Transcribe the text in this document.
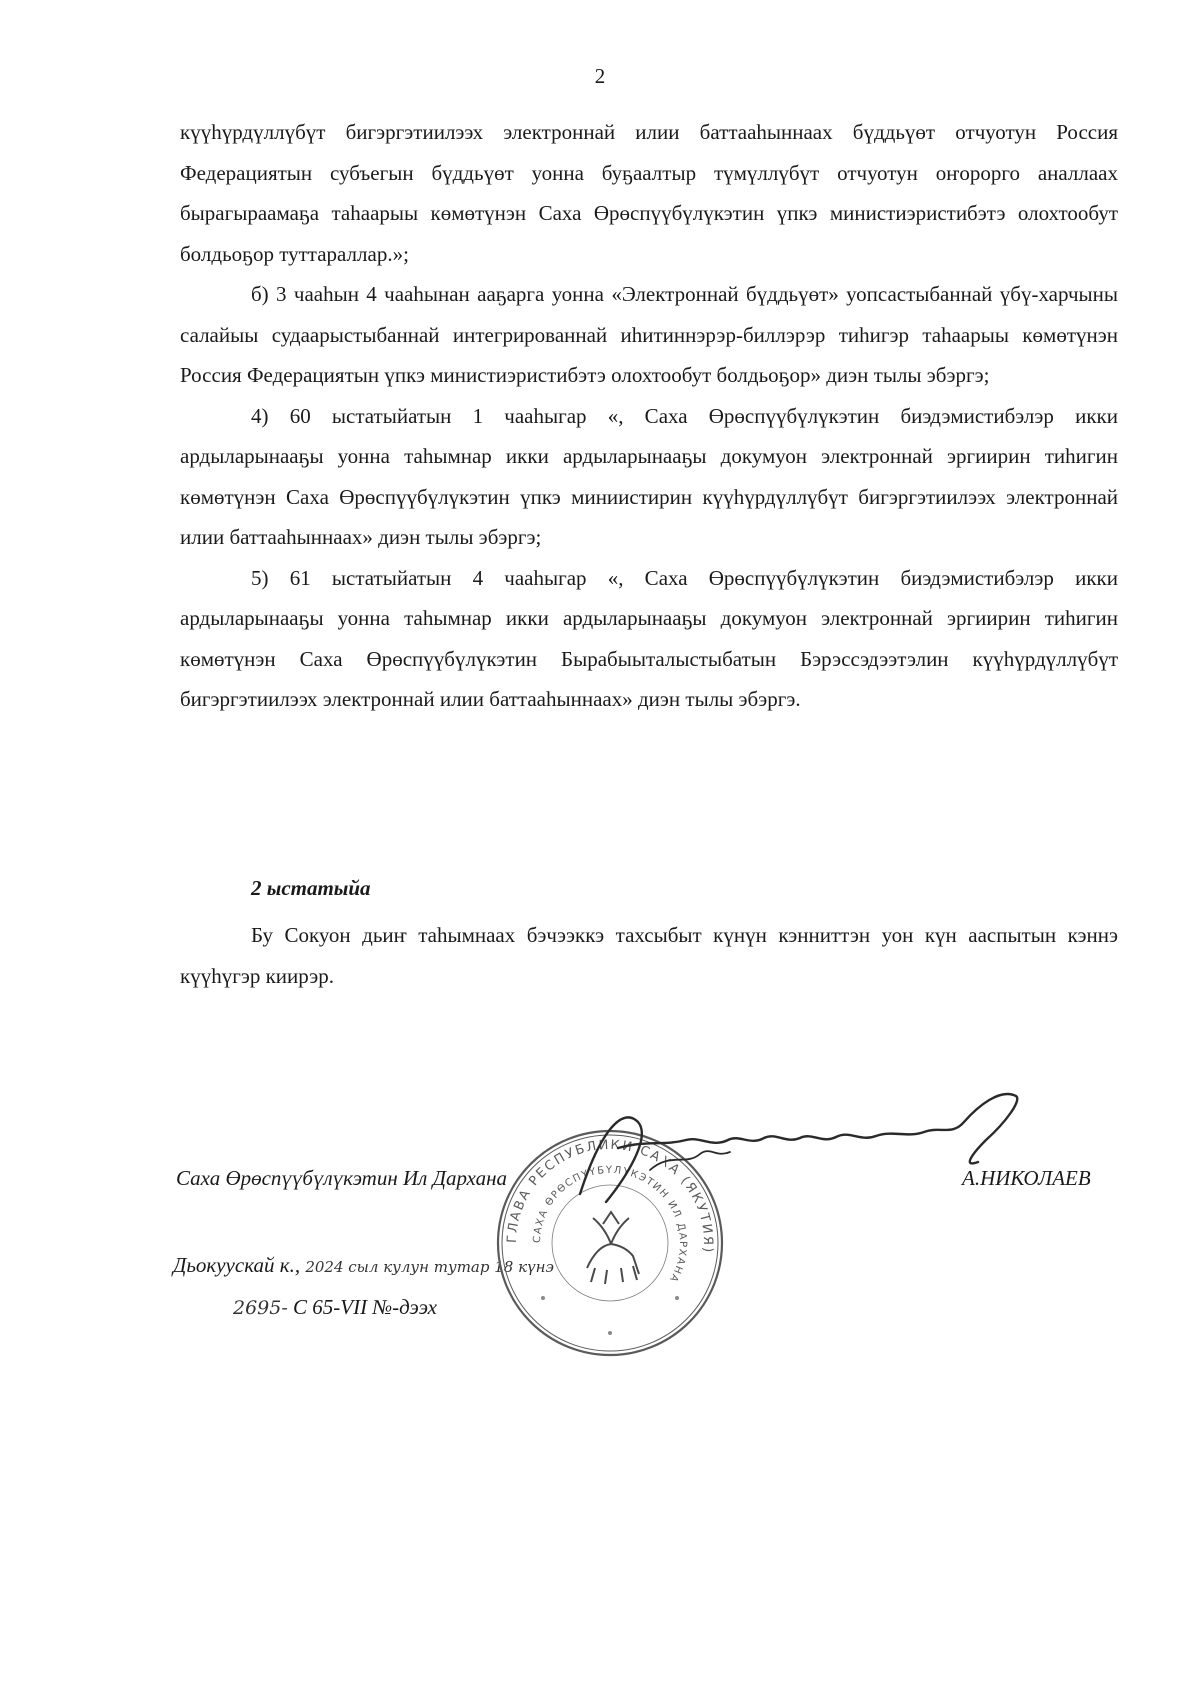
2

күүһүрдүллүбүт бигэргэтиилээх электроннай илии баттааһыннаах бүддьүөт отчуотун Россия Федерациятын субъегын бүддьүөт уонна буҕаалтыр түмүллүбүт отчуотун оҥорорго аналлаах бырагыраамаҕа таһаарыы көмөтүнэн Саха Өрөспүүбүлүкэтин үпкэ министиэристибэтэ олохтообут болдьоҕор туттараллар.»;

б) 3 чааһын 4 чааһынан ааҕарга уонна «Электроннай бүддьүөт» уопсастыбаннай үбү-харчыны салайыы судаарыстыбаннай интегрированнай иһитиннэрэр-биллэрэр тиһигэр таһаарыы көмөтүнэн Россия Федерациятын үпкэ министиэристибэтэ олохтообут болдьоҕор» диэн тылы эбэргэ;

4) 60 ыстатыйатын 1 чааһыгар «, Саха Өрөспүүбүлүкэтин биэдэмистибэлэр икки ардыларынааҕы уонна таһымнар икки ардыларынааҕы докумуон электроннай эргиирин тиһигин көмөтүнэн Саха Өрөспүүбүлүкэтин үпкэ миниистирин күүһүрдүллүбүт бигэргэтиилээх электроннай илии баттааһыннаах» диэн тылы эбэргэ;

5) 61 ыстатыйатын 4 чааһыгар «, Саха Өрөспүүбүлүкэтин биэдэмистибэлэр икки ардыларынааҕы уонна таһымнар икки ардыларынааҕы докумуон электроннай эргиирин тиһигин көмөтүнэн Саха Өрөспүүбүлүкэтин Бырабыыталыстыбатын Бэрэссэдээтэлин күүһүрдүллүбүт бигэргэтиилээх электроннай илии баттааһыннаах» диэн тылы эбэргэ.

2 ыстатыйа

Бу Сокуон дьиҥ таһымнаах бэчээккэ тахсыбыт күнүн кэнниттэн уон күн ааспытын кэннэ күүһүгэр киирэр.

Саха Өрөспүүбүлүкэтин Ил Дархана	А.НИКОЛАЕВ
Дьокуускай к., 2024 сыл кулун тутар 18 күнэ
2695- С 65-VII №-дээх
ГЛАВА РЕСПУБЛИКИ САХА (ЯКУТИЯ)
САХА ӨРӨСПҮҮБҮЛҮКЭТИН ИЛ ДАРХАНА
